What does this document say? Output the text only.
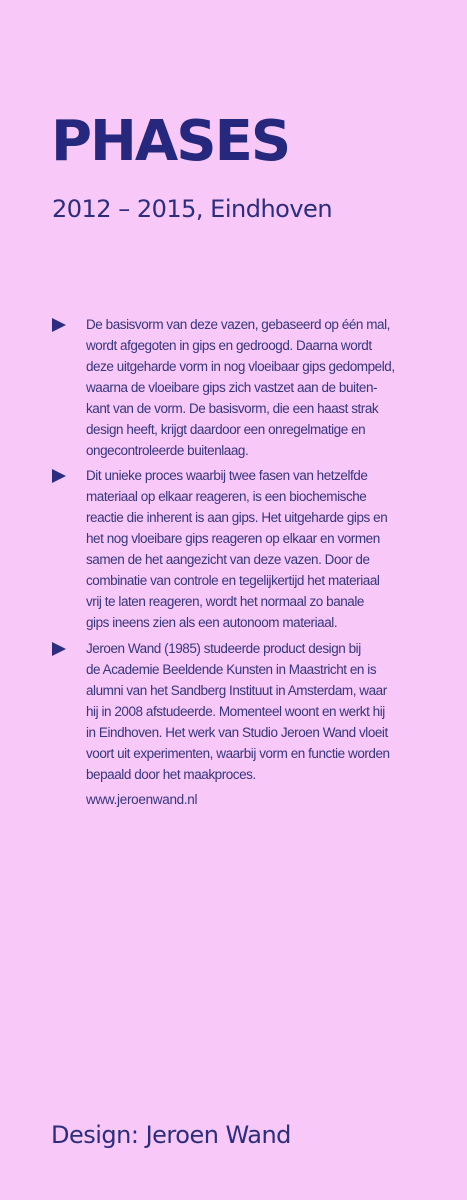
PHASES
2012 – 2015, Eindhoven

De basisvorm van deze vazen, gebaseerd op één mal,
wordt afgegoten in gips en gedroogd. Daarna wordt
deze uitgeharde vorm in nog vloeibaar gips gedompeld,
waarna de vloeibare gips zich vastzet aan de buiten-
kant van de vorm. De basisvorm, die een haast strak
design heeft, krijgt daardoor een onregelmatige en
ongecontroleerde buitenlaag.

Dit unieke proces waarbij twee fasen van hetzelfde
materiaal op elkaar reageren, is een biochemische
reactie die inherent is aan gips. Het uitgeharde gips en
het nog vloeibare gips reageren op elkaar en vormen
samen de het aangezicht van deze vazen. Door de
combinatie van controle en tegelijkertijd het materiaal
vrij te laten reageren, wordt het normaal zo banale
gips ineens zien als een autonoom materiaal.

Jeroen Wand (1985) studeerde product design bij
de Academie Beeldende Kunsten in Maastricht en is
alumni van het Sandberg Instituut in Amsterdam, waar
hij in 2008 afstudeerde. Momenteel woont en werkt hij
in Eindhoven. Het werk van Studio Jeroen Wand vloeit
voort uit experimenten, waarbij vorm en functie worden
bepaald door het maakproces.

www.jeroenwand.nl

Design: Jeroen Wand
